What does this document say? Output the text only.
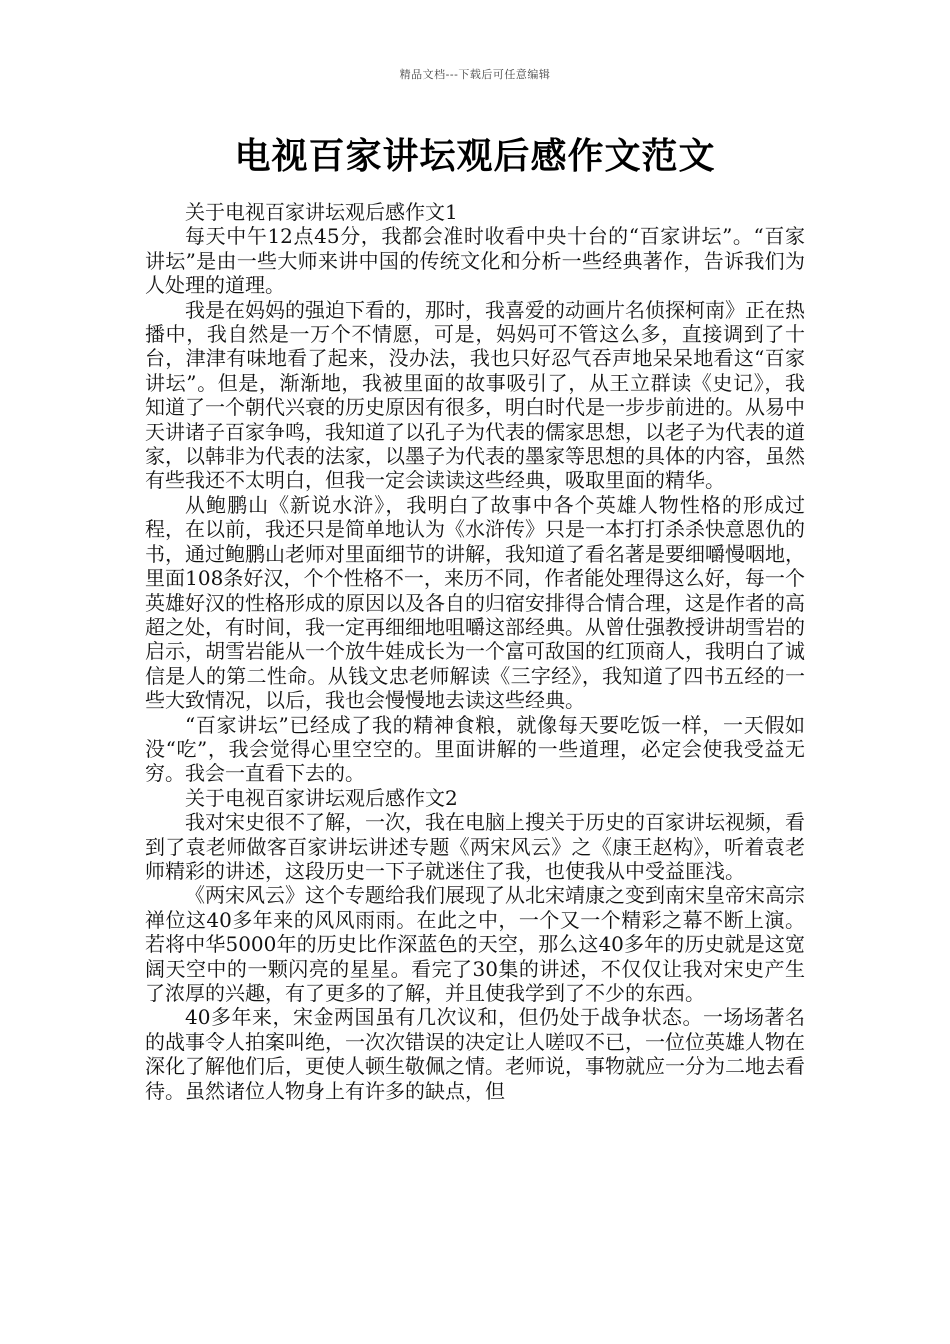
精品文档---下载后可任意编辑
电视百家讲坛观后感作文范文

关于电视百家讲坛观后感作文1

每天中午12点45分，我都会准时收看中央十台的“百家讲坛”。“百家讲坛”是由一些大师来讲中国的传统文化和分析一些经典著作，告诉我们为人处理的道理。

我是在妈妈的强迫下看的，那时，我喜爱的动画片名侦探柯南》正在热播中，我自然是一万个不情愿，可是，妈妈可不管这么多，直接调到了十台，津津有味地看了起来，没办法，我也只好忍气吞声地呆呆地看这“百家讲坛”。但是，渐渐地，我被里面的故事吸引了，从王立群读《史记》，我知道了一个朝代兴衰的历史原因有很多，明白时代是一步步前进的。从易中天讲诸子百家争鸣，我知道了以孔子为代表的儒家思想，以老子为代表的道家，以韩非为代表的法家，以墨子为代表的墨家等思想的具体的内容，虽然有些我还不太明白，但我一定会读读这些经典，吸取里面的精华。

从鲍鹏山《新说水浒》，我明白了故事中各个英雄人物性格的形成过程，在以前，我还只是简单地认为《水浒传》只是一本打打杀杀快意恩仇的书，通过鲍鹏山老师对里面细节的讲解，我知道了看名著是要细嚼慢咽地，里面108条好汉，个个性格不一，来历不同，作者能处理得这么好，每一个英雄好汉的性格形成的原因以及各自的归宿安排得合情合理，这是作者的高超之处，有时间，我一定再细细地咀嚼这部经典。从曾仕强教授讲胡雪岩的启示，胡雪岩能从一个放牛娃成长为一个富可敌国的红顶商人，我明白了诚信是人的第二性命。从钱文忠老师解读《三字经》，我知道了四书五经的一些大致情况，以后，我也会慢慢地去读这些经典。

“百家讲坛”已经成了我的精神食粮，就像每天要吃饭一样，一天假如没“吃”，我会觉得心里空空的。里面讲解的一些道理，必定会使我受益无穷。我会一直看下去的。

关于电视百家讲坛观后感作文2

我对宋史很不了解，一次，我在电脑上搜关于历史的百家讲坛视频，看到了袁老师做客百家讲坛讲述专题《两宋风云》之《康王赵构》，听着袁老师精彩的讲述，这段历史一下子就迷住了我，也使我从中受益匪浅。

《两宋风云》这个专题给我们展现了从北宋靖康之变到南宋皇帝宋高宗禅位这40多年来的风风雨雨。在此之中，一个又一个精彩之幕不断上演。若将中华5000年的历史比作深蓝色的天空，那么这40多年的历史就是这宽阔天空中的一颗闪亮的星星。看完了30集的讲述，不仅仅让我对宋史产生了浓厚的兴趣，有了更多的了解，并且使我学到了不少的东西。

40多年来，宋金两国虽有几次议和，但仍处于战争状态。一场场著名的战事令人拍案叫绝，一次次错误的决定让人嗟叹不已，一位位英雄人物在深化了解他们后，更使人顿生敬佩之情。老师说，事物就应一分为二地去看待。虽然诸位人物身上有许多的缺点，但
